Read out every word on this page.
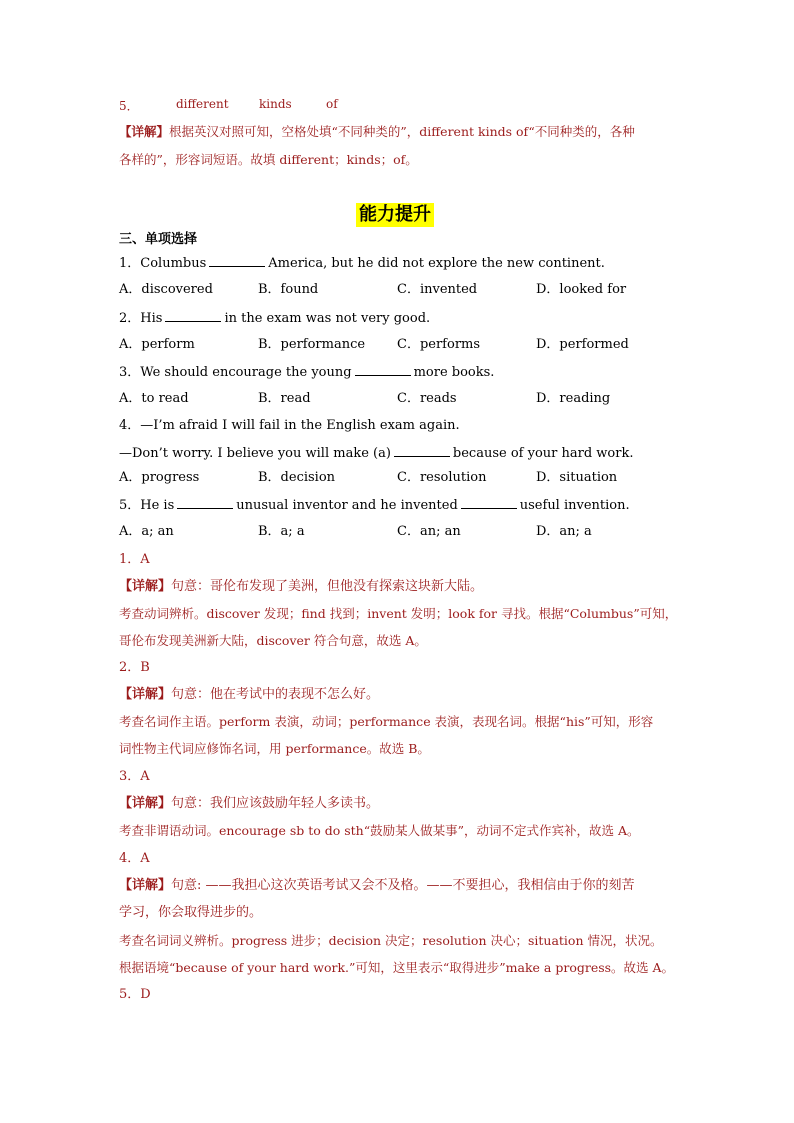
5．	different	kinds	of
【详解】根据英汉对照可知，空格处填“不同种类的”，different kinds of“不同种类的，各种
各样的”，形容词短语。故填 different；kinds；of。
能力提升
三、单项选择
1．Columbus	America, but he did not explore the new continent.
A．discovered	B．found	C．invented	D．looked for
2．His	in the exam was not very good.
A．perform	B．performance C．performs	D．performed
3．We should encourage the young	more books.
A．to read	B．read	C．reads	D．reading
4．—I’m afraid I will fail in the English exam again.
—Don’t worry. I believe you will make (a)	because of your hard work.
A．progress	B．decision	C．resolution	D．situation
5．He is	unusual inventor and he invented	useful invention.
A．a; an	B．a; a	C．an; an	D．an; a
1．A
【详解】句意：哥伦布发现了美洲，但他没有探索这块新大陆。
考查动词辨析。discover 发现；find 找到；invent 发明；look for 寻找。根据“Columbus”可知，
哥伦布发现美洲新大陆，discover 符合句意，故选 A。
2．B
【详解】句意：他在考试中的表现不怎么好。
考查名词作主语。perform 表演，动词；performance 表演，表现名词。根据“his”可知，形容
词性物主代词应修饰名词，用 performance。故选 B。
3．A
【详解】句意：我们应该鼓励年轻人多读书。
考查非谓语动词。encourage sb to do sth“鼓励某人做某事”，动词不定式作宾补，故选 A。
4．A
【详解】句意: ——我担心这次英语考试又会不及格。——不要担心，我相信由于你的刻苦
学习，你会取得进步的。
考查名词词义辨析。progress 进步；decision 决定；resolution 决心；situation 情况，状况。
根据语境“because of your hard work.”可知，这里表示“取得进步”make a progress。故选 A。
5．D
